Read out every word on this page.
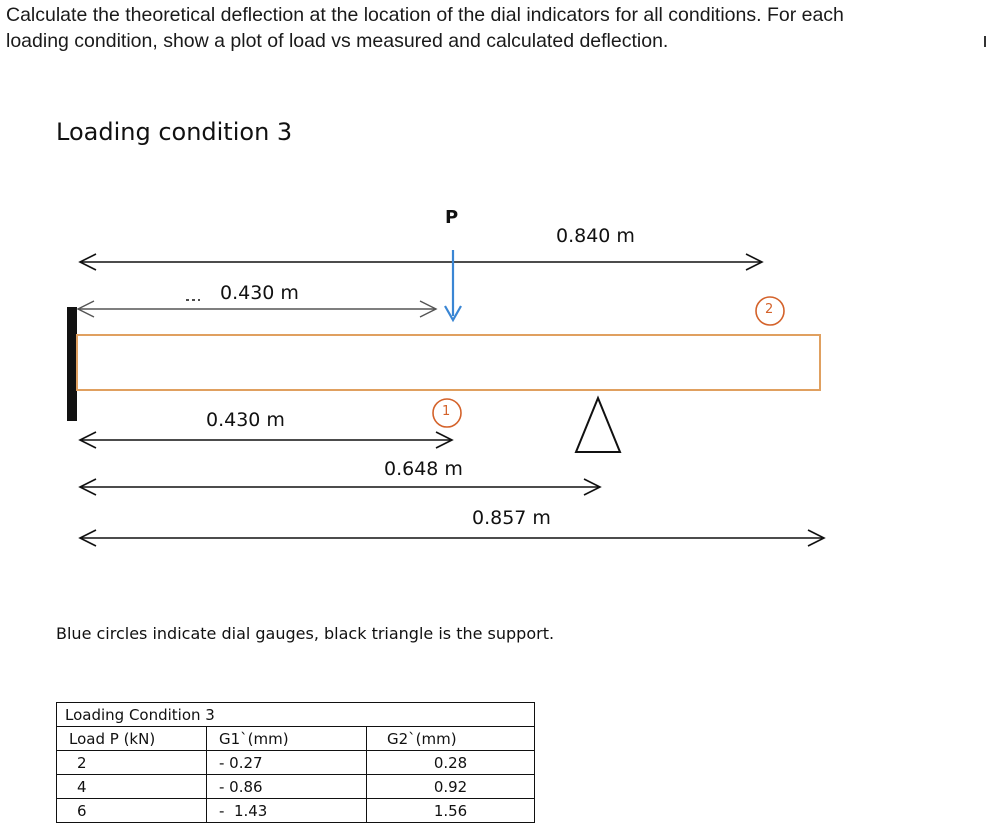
Calculate the theoretical deflection at the location of the dial indicators for all conditions. For each
loading condition, show a plot of load vs measured and calculated deflection.

Loading condition 3
P
0.840 m
0.430 m
0.430 m
0.648 m
0.857 m
1
2

Blue circles indicate dial gauges, black triangle is the support.

Loading Condition 3		
Load P (kN)	G1`(mm)	G2`(mm)
2	- 0.27	0.28
4	- 0.86	0.92
6	-  1.43	1.56
